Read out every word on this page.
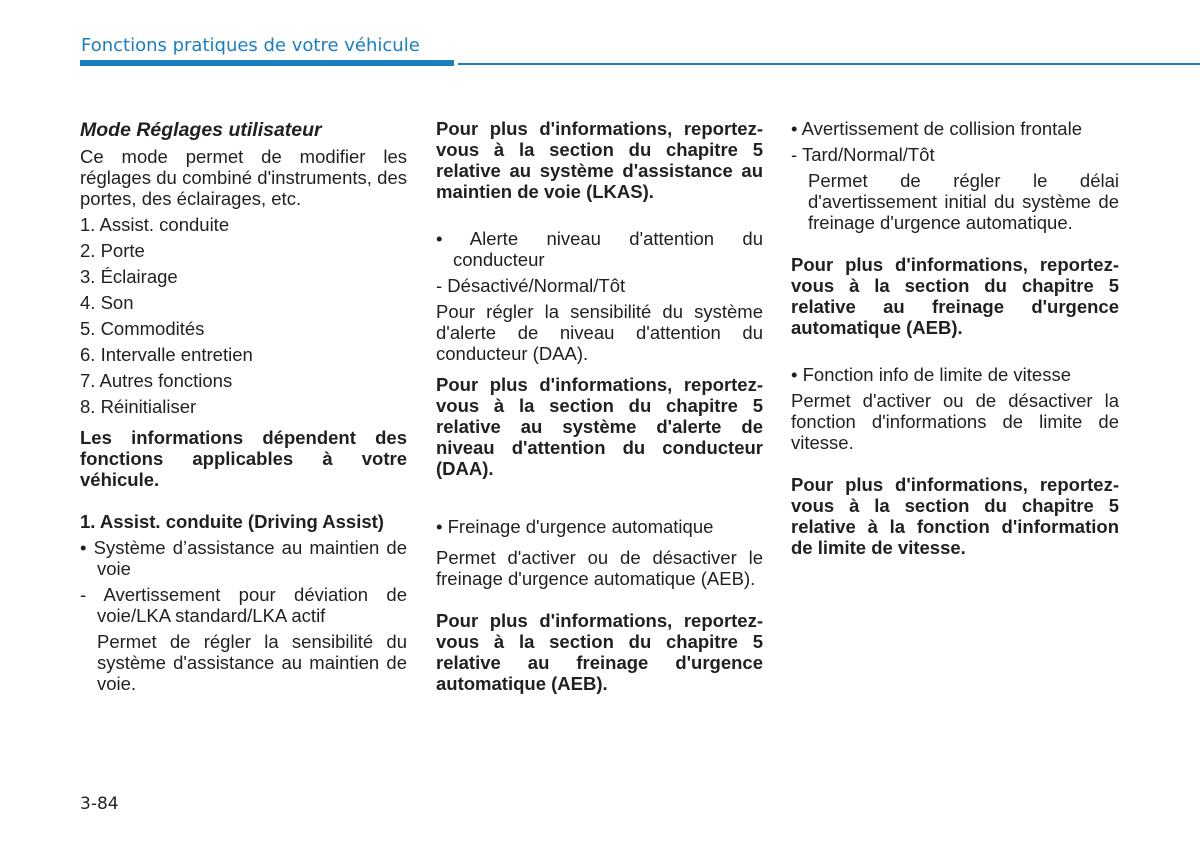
Fonctions pratiques de votre véhicule

Mode Réglages utilisateur

Ce mode permet de modifier les réglages du combiné d'instruments, des portes, des éclairages, etc.

1. Assist. conduite

2. Porte

3. Éclairage

4. Son

5. Commodités

6. Intervalle entretien

7. Autres fonctions

8. Réinitialiser

Les informations dépendent des fonctions applicables à votre véhicule.

1. Assist. conduite (Driving Assist)

• Système d’assistance au maintien de voie

- Avertissement pour déviation de voie/LKA standard/LKA actif

Permet de régler la sensibilité du système d'assistance au maintien de voie.

Pour plus d'informations, reportez-vous à la section du chapitre 5 relative au système d'assistance au maintien de voie (LKAS).

• Alerte niveau d'attention du conducteur

- Désactivé/Normal/Tôt

Pour régler la sensibilité du système d'alerte de niveau d'attention du conducteur (DAA).

Pour plus d'informations, reportez-vous à la section du chapitre 5 relative au système d'alerte de niveau d'attention du conducteur (DAA).

• Freinage d'urgence automatique

Permet d'activer ou de désactiver le freinage d'urgence automatique (AEB).

Pour plus d'informations, reportez-vous à la section du chapitre 5 relative au freinage d'urgence automatique (AEB).

• Avertissement de collision frontale

- Tard/Normal/Tôt

Permet de régler le délai d'avertissement initial du système de freinage d'urgence automatique.

Pour plus d'informations, reportez-vous à la section du chapitre 5 relative au freinage d'urgence automatique (AEB).

• Fonction info de limite de vitesse

Permet d'activer ou de désactiver la fonction d'informations de limite de vitesse.

Pour plus d'informations, reportez-vous à la section du chapitre 5 relative à la fonction d'information de limite de vitesse.

3-84
